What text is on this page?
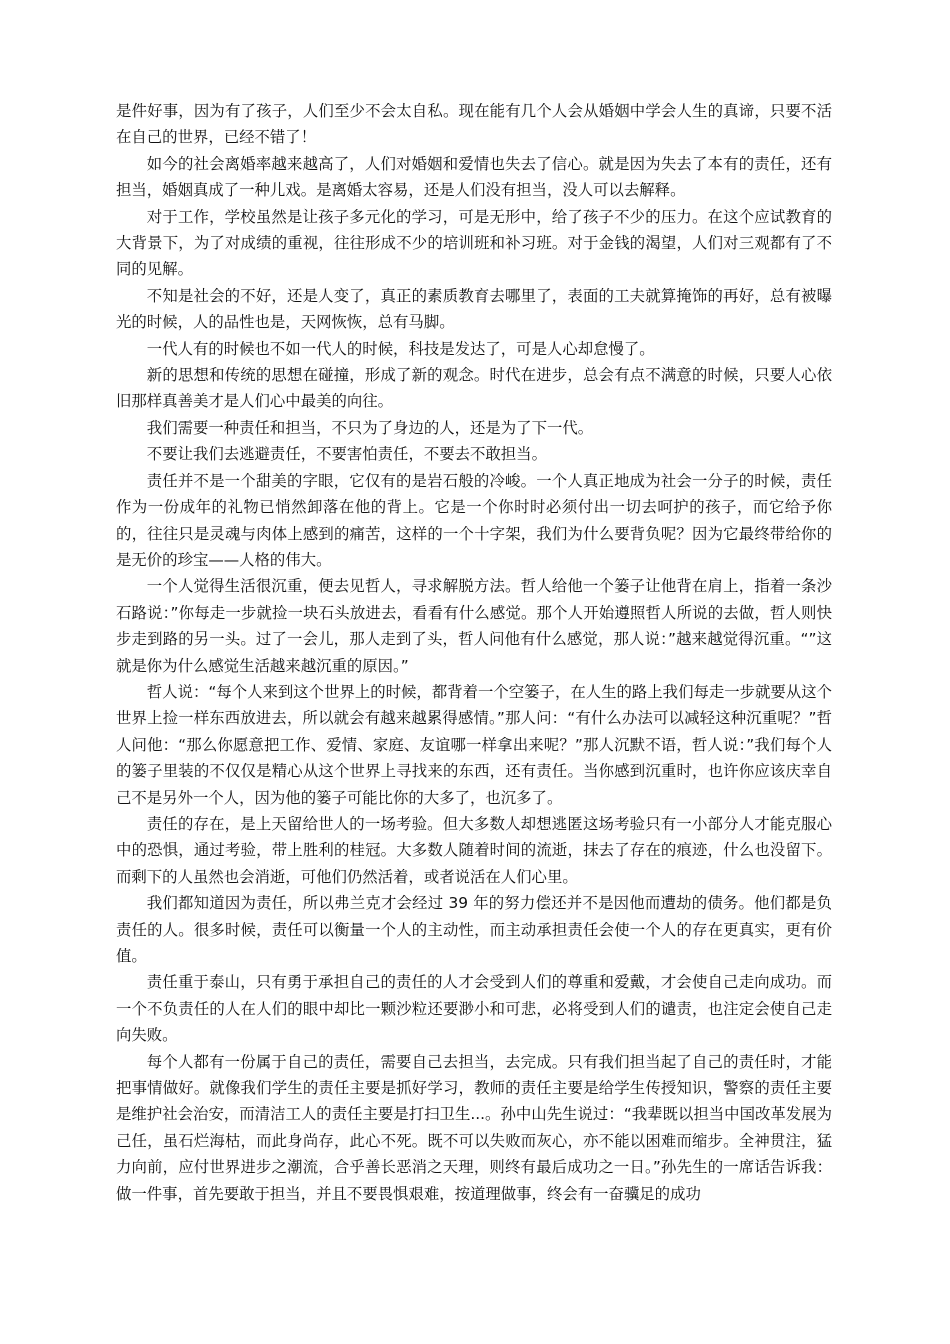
是件好事，因为有了孩子，人们至少不会太自私。现在能有几个人会从婚姻中学会人生的真谛，只要不活在自己的世界，已经不错了！

如今的社会离婚率越来越高了，人们对婚姻和爱情也失去了信心。就是因为失去了本有的责任，还有担当，婚姻真成了一种儿戏。是离婚太容易，还是人们没有担当，没人可以去解释。

对于工作，学校虽然是让孩子多元化的学习，可是无形中，给了孩子不少的压力。在这个应试教育的大背景下，为了对成绩的重视，往往形成不少的培训班和补习班。对于金钱的渴望，人们对三观都有了不同的见解。

不知是社会的不好，还是人变了，真正的素质教育去哪里了，表面的工夫就算掩饰的再好，总有被曝光的时候，人的品性也是，天网恢恢，总有马脚。

一代人有的时候也不如一代人的时候，科技是发达了，可是人心却怠慢了。

新的思想和传统的思想在碰撞，形成了新的观念。时代在进步，总会有点不满意的时候，只要人心依旧那样真善美才是人们心中最美的向往。

我们需要一种责任和担当，不只为了身边的人，还是为了下一代。

不要让我们去逃避责任，不要害怕责任，不要去不敢担当。

责任并不是一个甜美的字眼，它仅有的是岩石般的冷峻。一个人真正地成为社会一分子的时候，责任作为一份成年的礼物已悄然卸落在他的背上。它是一个你时时必须付出一切去呵护的孩子，而它给予你的，往往只是灵魂与肉体上感到的痛苦，这样的一个十字架，我们为什么要背负呢？因为它最终带给你的是无价的珍宝——人格的伟大。

一个人觉得生活很沉重，便去见哲人，寻求解脱方法。哲人给他一个篓子让他背在肩上，指着一条沙石路说：”你每走一步就捡一块石头放进去，看看有什么感觉。那个人开始遵照哲人所说的去做，哲人则快步走到路的另一头。过了一会儿，那人走到了头，哲人问他有什么感觉，那人说：”越来越觉得沉重。“”这就是你为什么感觉生活越来越沉重的原因。”

哲人说：“每个人来到这个世界上的时候，都背着一个空篓子，在人生的路上我们每走一步就要从这个世界上捡一样东西放进去，所以就会有越来越累得感情。”那人问：“有什么办法可以减轻这种沉重呢？”哲人问他：“那么你愿意把工作、爱情、家庭、友谊哪一样拿出来呢？”那人沉默不语，哲人说：”我们每个人的篓子里装的不仅仅是精心从这个世界上寻找来的东西，还有责任。当你感到沉重时，也许你应该庆幸自己不是另外一个人，因为他的篓子可能比你的大多了，也沉多了。

责任的存在，是上天留给世人的一场考验。但大多数人却想逃匿这场考验只有一小部分人才能克服心中的恐惧，通过考验，带上胜利的桂冠。大多数人随着时间的流逝，抹去了存在的痕迹，什么也没留下。而剩下的人虽然也会消逝，可他们仍然活着，或者说活在人们心里。

我们都知道因为责任，所以弗兰克才会经过 39 年的努力偿还并不是因他而遭劫的债务。他们都是负责任的人。很多时候，责任可以衡量一个人的主动性，而主动承担责任会使一个人的存在更真实，更有价值。

责任重于泰山，只有勇于承担自己的责任的人才会受到人们的尊重和爱戴，才会使自己走向成功。而一个不负责任的人在人们的眼中却比一颗沙粒还要渺小和可悲，必将受到人们的谴责，也注定会使自己走向失败。

每个人都有一份属于自己的责任，需要自己去担当，去完成。只有我们担当起了自己的责任时，才能把事情做好。就像我们学生的责任主要是抓好学习，教师的责任主要是给学生传授知识，警察的责任主要是维护社会治安，而清洁工人的责任主要是打扫卫生...。孙中山先生说过：“我辈既以担当中国改革发展为己任，虽石烂海枯，而此身尚存，此心不死。既不可以失败而灰心，亦不能以困难而缩步。全神贯注，猛力向前，应付世界进步之潮流，合乎善长恶消之天理，则终有最后成功之一日。”孙先生的一席话告诉我：做一件事，首先要敢于担当，并且不要畏惧艰难，按道理做事，终会有一奋骥足的成功
